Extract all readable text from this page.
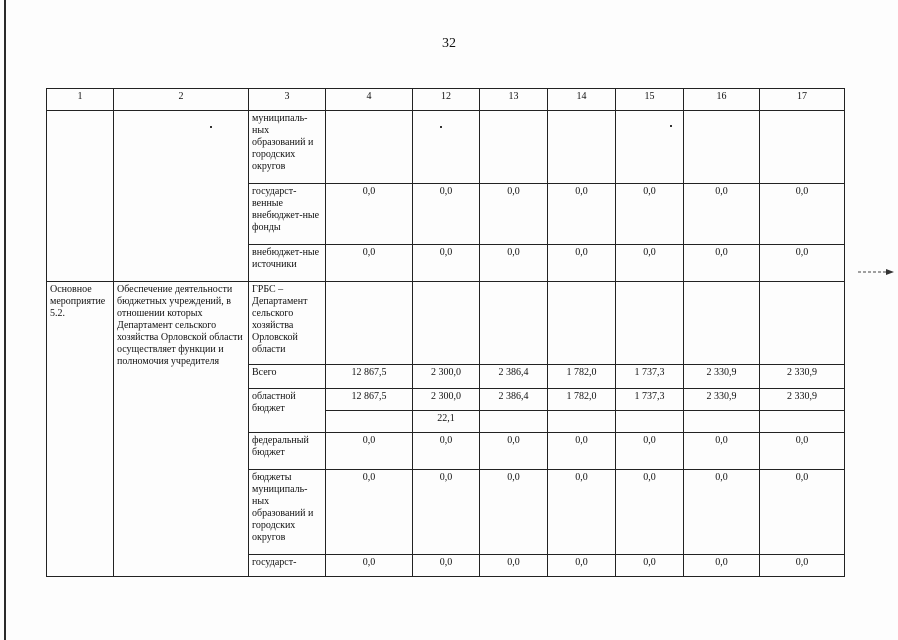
32
1	2	3	4	12	13	14	15	16	17
		муниципаль-ных образований и городских округов							
		государст-венные внебюджет-ные фонды	0,0	0,0	0,0	0,0	0,0	0,0	0,0
		внебюджет-ные источники	0,0	0,0	0,0	0,0	0,0	0,0	0,0
Основное мероприятие 5.2.	Обеспечение деятельности бюджетных учреждений, в отношении которых Департамент сельского хозяйства Орловской области осуществляет функции и полномочия учредителя	ГРБС – Департамент сельского хозяйства Орловской области							
		Всего	12 867,5	2 300,0	2 386,4	1 782,0	1 737,3	2 330,9	2 330,9
		областной бюджет	12 867,5	2 300,0	2 386,4	1 782,0	1 737,3	2 330,9	2 330,9
				22,1					
		федеральный бюджет	0,0	0,0	0,0	0,0	0,0	0,0	0,0
		бюджеты муниципаль-ных образований и городских округов	0,0	0,0	0,0	0,0	0,0	0,0	0,0
		государст-	0,0	0,0	0,0	0,0	0,0	0,0	0,0
